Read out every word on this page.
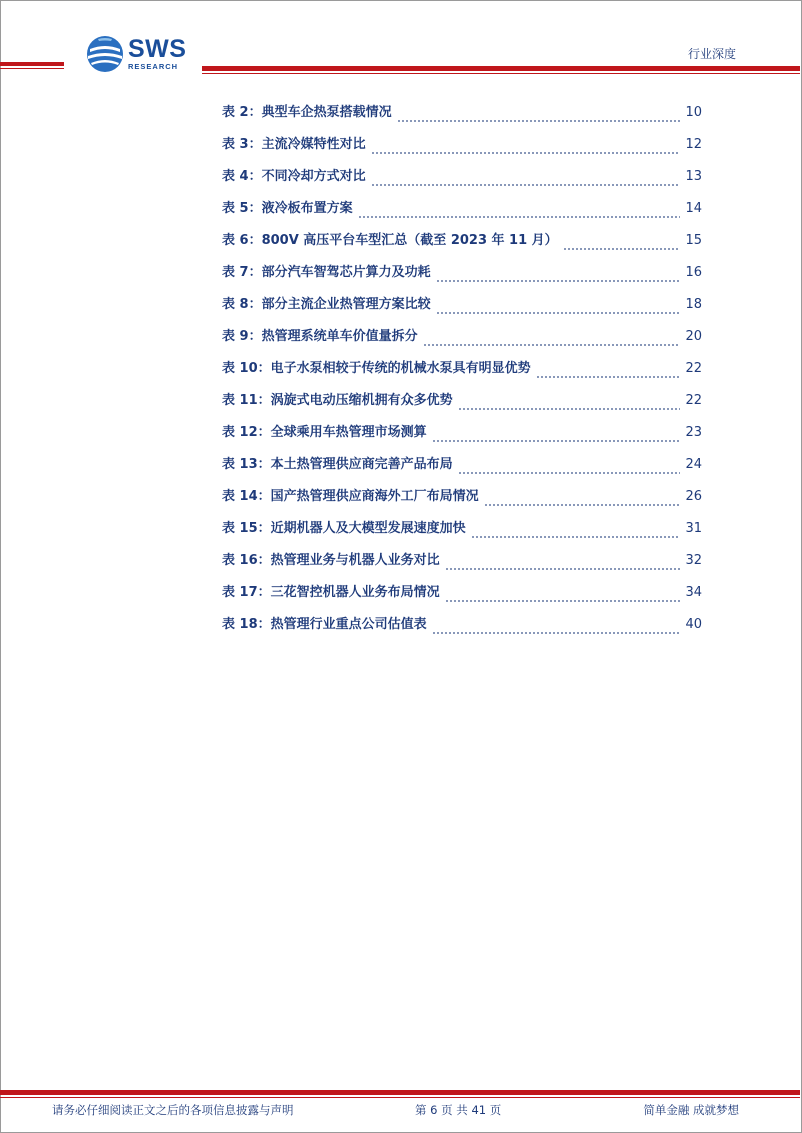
SWS
RESEARCH
行业深度
表 2：典型车企热泵搭载情况	10
表 3：主流冷媒特性对比	12
表 4：不同冷却方式对比	13
表 5：液冷板布置方案	14
表 6：800V 高压平台车型汇总（截至 2023 年 11 月）	15
表 7：部分汽车智驾芯片算力及功耗	16
表 8：部分主流企业热管理方案比较	18
表 9：热管理系统单车价值量拆分	20
表 10：电子水泵相较于传统的机械水泵具有明显优势	22
表 11：涡旋式电动压缩机拥有众多优势	22
表 12：全球乘用车热管理市场测算	23
表 13：本土热管理供应商完善产品布局	24
表 14：国产热管理供应商海外工厂布局情况	26
表 15：近期机器人及大模型发展速度加快	31
表 16：热管理业务与机器人业务对比	32
表 17：三花智控机器人业务布局情况	34
表 18：热管理行业重点公司估值表	40
请务必仔细阅读正文之后的各项信息披露与声明	第 6 页 共 41 页	简单金融 成就梦想
